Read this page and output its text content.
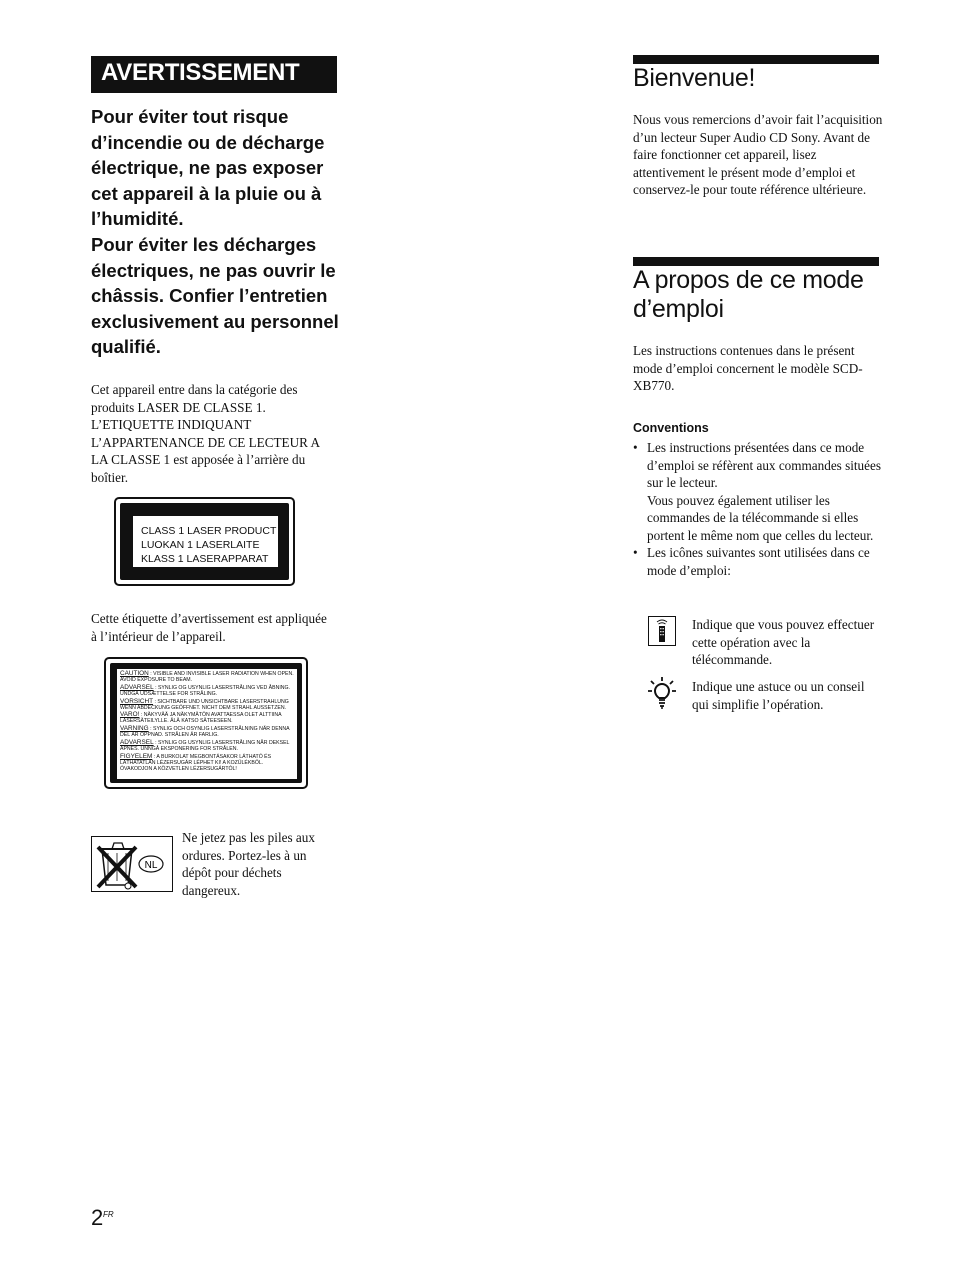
AVERTISSEMENT

Pour éviter tout risque d’incendie ou de décharge électrique, ne pas exposer cet appareil à la pluie ou à l’humidité.

Pour éviter les décharges électriques, ne pas ouvrir le châssis. Confier l’entretien exclusivement au personnel qualifié.

Cet appareil entre dans la catégorie des produits LASER DE CLASSE 1. L’ETIQUETTE INDIQUANT L’APPARTENANCE DE CE LECTEUR A LA CLASSE 1 est apposée à l’arrière du boîtier.
CLASS 1 LASER PRODUCT
LUOKAN 1 LASERLAITE
KLASS 1 LASERAPPARAT
Cette étiquette d’avertissement est appliquée à l’intérieur de l’appareil.
CAUTION : VISIBLE AND INVISIBLE LASER RADIATION WHEN OPEN. AVOID EXPOSURE TO BEAM.
ADVARSEL : SYNLIG OG USYNLIG LASERSTRÅLING VED ÅBNING. UNDGÅ UDSÆTTELSE FOR STRÅLING.
VORSICHT : SICHTBARE UND UNSICHTBARE LASERSTRAHLUNG WENN ABDECKUNG GEÖFFNET. NICHT DEM STRAHL AUSSETZEN.
VARO! : NÄKYVÄÄ JA NÄKYMÄTÖN AVATTAESSA OLET ALTTIINA LASERSÄTEILYLLE. ÄLÄ KATSO SÄTEESEEN.
VARNING : SYNLIG OCH OSYNLIG LASERSTRÅLNING NÄR DENNA DEL ÄR ÖPPNAD. STRÅLEN ÄR FARLIG.
ADVARSEL : SYNLIG OG USYNLIG LASERSTRÅLING NÅR DEKSEL ÅPNES. UNNGÅ EKSPONERING FOR STRÅLEN.
FIGYELEM : A BURKOLAT MEGBONTÁSAKOR LÁTHATÓ ÉS LÁTHATATLAN LÉZERSUGÁR LÉPHET KI! A KOZÜLÉKBŐL. ÓVAKODJON A KÖZVETLEN LÉZERSUGÁRTÓL!
NL
Ne jetez pas les piles aux ordures. Portez-les à un dépôt pour déchets dangereux.
2 FR
Bienvenue!
Nous vous remercions d’avoir fait l’acquisition d’un lecteur Super Audio CD Sony. Avant de faire fonctionner cet appareil, lisez attentivement le présent mode d’emploi et conservez-le pour toute référence ultérieure.
A propos de ce mode
d’emploi
Les instructions contenues dans le présent mode d’emploi concernent le modèle SCD-XB770.
Conventions
• Les instructions présentées dans ce mode d’emploi se réfèrent aux commandes situées sur le lecteur.
Vous pouvez également utiliser les commandes de la télécommande si elles portent le même nom que celles du lecteur.
• Les icônes suivantes sont utilisées dans ce mode d’emploi:
Indique que vous pouvez effectuer cette opération avec la télécommande.
Indique une astuce ou un conseil qui simplifie l’opération.
